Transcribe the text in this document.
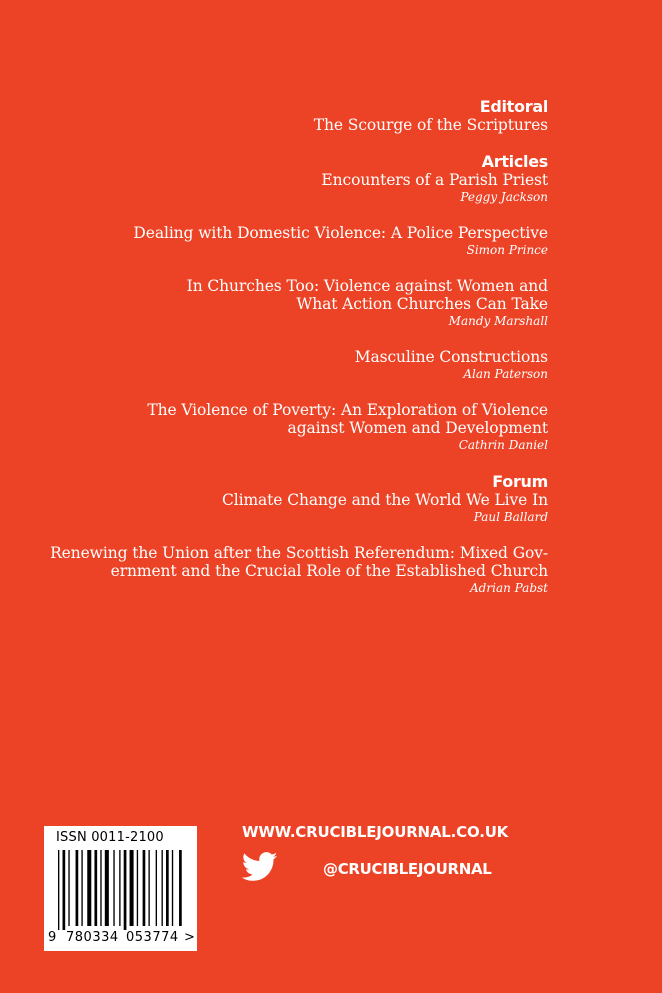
Editoral
The Scourge of the Scriptures
Articles
Encounters of a Parish Priest
Peggy Jackson
Dealing with Domestic Violence: A Police Perspective
Simon Prince
In Churches Too: Violence against Women and
What Action Churches Can Take
Mandy Marshall
Masculine Constructions
Alan Paterson
The Violence of Poverty: An Exploration of Violence
against Women and Development
Cathrin Daniel
Forum
Climate Change and the World We Live In
Paul Ballard
Renewing the Union after the Scottish Referendum: Mixed Gov-
ernment and the Crucial Role of the Established Church
Adrian Pabst
ISSN 0011-2100
9 780334 053774 >
WWW.CRUCIBLEJOURNAL.CO.UK
@CRUCIBLEJOURNAL
